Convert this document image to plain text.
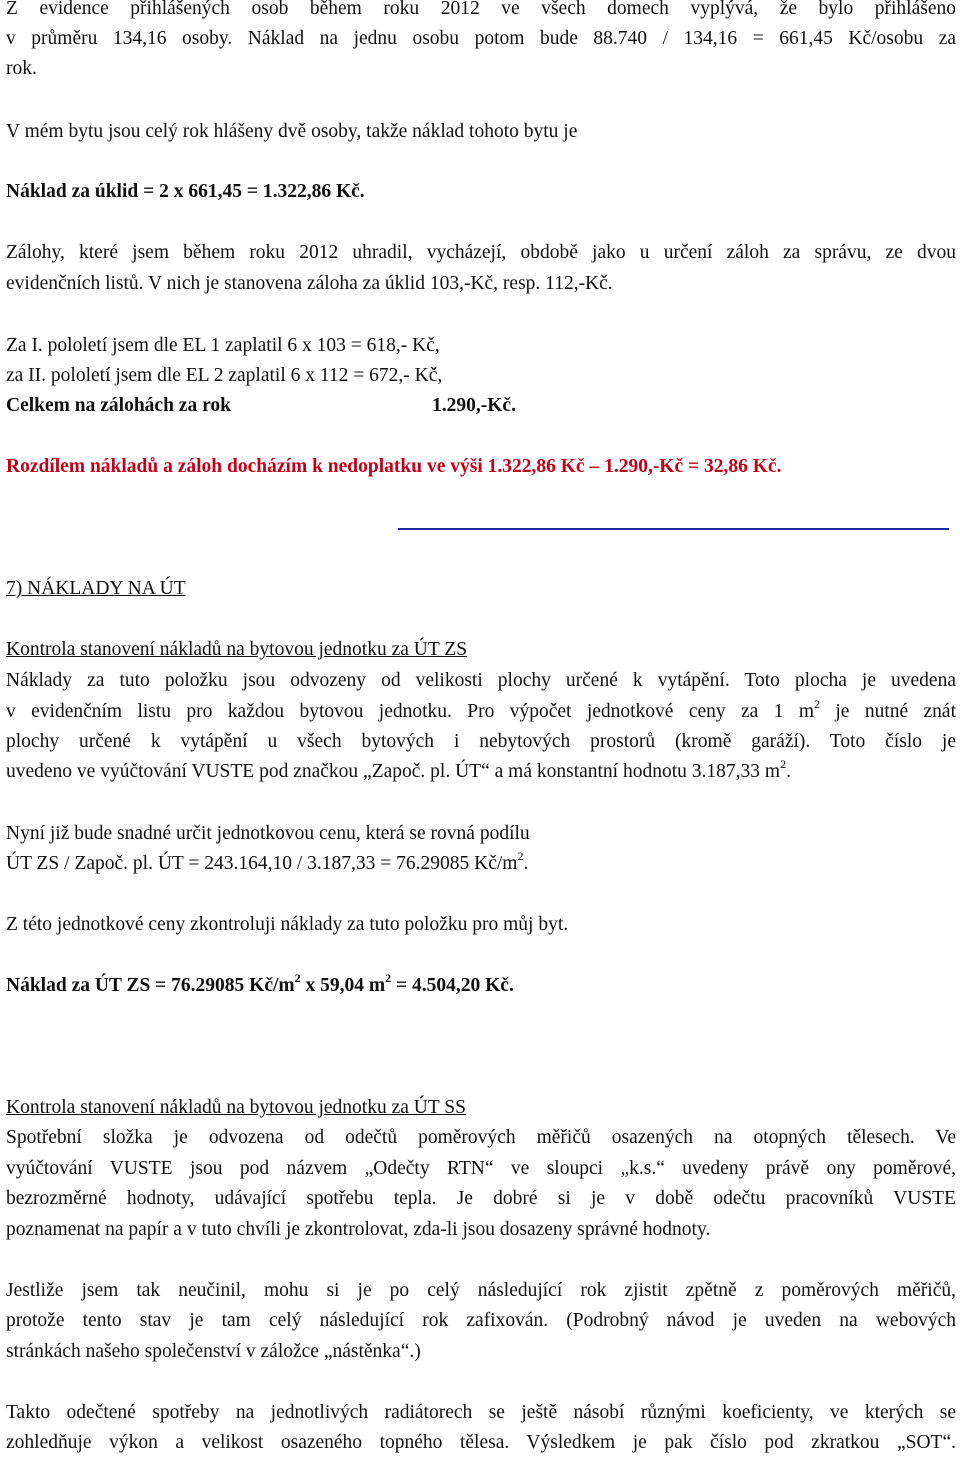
Z evidence přihlášených osob během roku 2012 ve všech domech vyplývá, že bylo přihlášeno
v průměru 134,16 osoby. Náklad na jednu osobu potom bude 88.740 / 134,16 = 661,45 Kč/osobu za
rok.
V mém bytu jsou celý rok hlášeny dvě osoby, takže náklad tohoto bytu je
Náklad za úklid = 2 x 661,45 = 1.322,86 Kč.
Zálohy, které jsem během roku 2012 uhradil, vycházejí, obdobě jako u určení záloh za správu, ze dvou
evidenčních listů. V nich je stanovena záloha za úklid 103,-Kč, resp. 112,-Kč.
Za I. pololetí jsem dle EL 1 zaplatil 6 x 103 = 618,- Kč,
za II. pololetí jsem dle EL 2 zaplatil 6 x 112 = 672,- Kč,
Celkem na zálohách za rok	1.290,-Kč.
Rozdílem nákladů a záloh docházím k nedoplatku ve výši 1.322,86 Kč – 1.290,-Kč = 32,86 Kč.
7) NÁKLADY NA ÚT
Kontrola stanovení nákladů na bytovou jednotku za ÚT ZS
Náklady za tuto položku jsou odvozeny od velikosti plochy určené k vytápění. Toto plocha je uvedena
v evidenčním listu pro každou bytovou jednotku. Pro výpočet jednotkové ceny za 1 $m^2$ je nutné znát
plochy určené k vytápění u všech bytových i nebytových prostorů (kromě garáží). Toto číslo je
uvedeno ve vyúčtování VUSTE pod značkou „Započ. pl. ÚT“ a má konstantní hodnotu 3.187,33 $m^2$.
Nyní již bude snadné určit jednotkovou cenu, která se rovná podílu
ÚT ZS / Započ. pl. ÚT = 243.164,10 / 3.187,33 = 76.29085 $Kč/m^2$.
Z této jednotkové ceny zkontroluji náklady za tuto položku pro můj byt.
Náklad za ÚT ZS = 76.29085 $Kč/m^2$ x 59,04 $m^2 = 4.504,20$ Kč.
Kontrola stanovení nákladů na bytovou jednotku za ÚT SS
Spotřební složka je odvozena od odečtů poměrových měřičů osazených na otopných tělesech. Ve
vyúčtování VUSTE jsou pod názvem „Odečty RTN“ ve sloupci „k.s.“ uvedeny právě ony poměrové,
bezrozměrné hodnoty, udávající spotřebu tepla. Je dobré si je v době odečtu pracovníků VUSTE
poznamenat na papír a v tuto chvíli je zkontrolovat, zda-li jsou dosazeny správné hodnoty.
Jestliže jsem tak neučinil, mohu si je po celý následující rok zjistit zpětně z poměrových měřičů,
protože tento stav je tam celý následující rok zafixován. (Podrobný návod je uveden na webových
stránkách našeho společenství v záložce „nástěnka“.)
Takto odečtené spotřeby na jednotlivých radiátorech se ještě násobí různými koeficienty, ve kterých se
zohledňuje výkon a velikost osazeného topného tělesa. Výsledkem je pak číslo pod zkratkou „SOT“.
